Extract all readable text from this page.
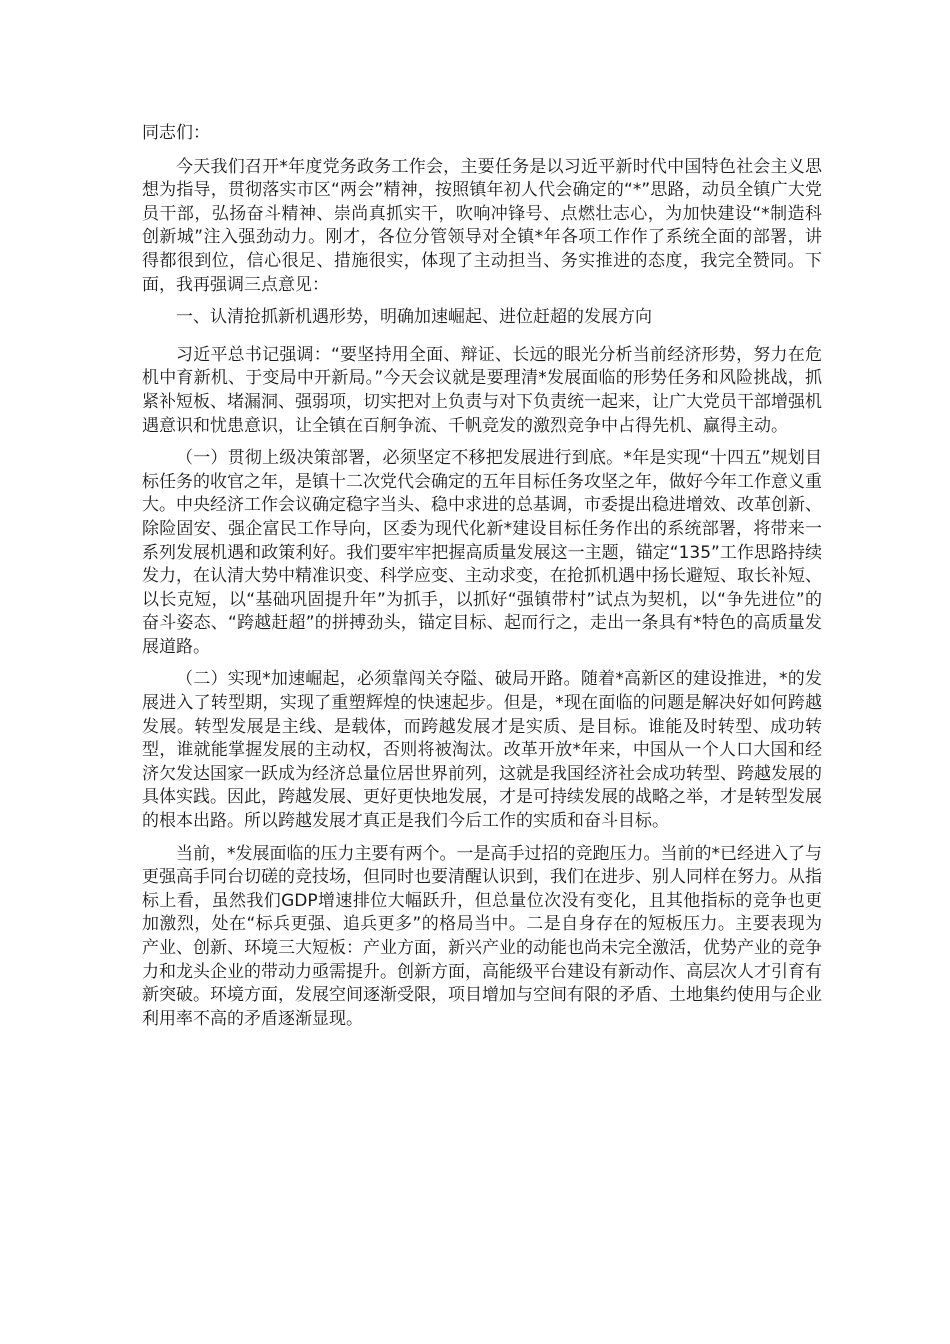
同志们：

今天我们召开*年度党务政务工作会，主要任务是以习近平新时代中国特色社会主义思想为指导，贯彻落实市区“两会”精神，按照镇年初人代会确定的“*”思路，动员全镇广大党员干部，弘扬奋斗精神、崇尚真抓实干，吹响冲锋号、点燃壮志心，为加快建设“*制造科创新城”注入强劲动力。刚才，各位分管领导对全镇*年各项工作作了系统全面的部署，讲得都很到位，信心很足、措施很实，体现了主动担当、务实推进的态度，我完全赞同。下面，我再强调三点意见：

一、认清抢抓新机遇形势，明确加速崛起、进位赶超的发展方向

习近平总书记强调：“要坚持用全面、辩证、长远的眼光分析当前经济形势，努力在危机中育新机、于变局中开新局。”今天会议就是要理清*发展面临的形势任务和风险挑战，抓紧补短板、堵漏洞、强弱项，切实把对上负责与对下负责统一起来，让广大党员干部增强机遇意识和忧患意识，让全镇在百舸争流、千帆竞发的激烈竞争中占得先机、赢得主动。

（一）贯彻上级决策部署，必须坚定不移把发展进行到底。*年是实现“十四五”规划目标任务的收官之年，是镇十二次党代会确定的五年目标任务攻坚之年，做好今年工作意义重大。中央经济工作会议确定稳字当头、稳中求进的总基调，市委提出稳进增效、改革创新、除险固安、强企富民工作导向，区委为现代化新*建设目标任务作出的系统部署，将带来一系列发展机遇和政策利好。我们要牢牢把握高质量发展这一主题，锚定“135”工作思路持续发力，在认清大势中精准识变、科学应变、主动求变，在抢抓机遇中扬长避短、取长补短、以长克短，以“基础巩固提升年”为抓手，以抓好“强镇带村”试点为契机，以“争先进位”的奋斗姿态、“跨越赶超”的拼搏劲头，锚定目标、起而行之，走出一条具有*特色的高质量发展道路。

（二）实现*加速崛起，必须靠闯关夺隘、破局开路。随着*高新区的建设推进，*的发展进入了转型期，实现了重塑辉煌的快速起步。但是，*现在面临的问题是解决好如何跨越发展。转型发展是主线、是载体，而跨越发展才是实质、是目标。谁能及时转型、成功转型，谁就能掌握发展的主动权，否则将被淘汰。改革开放*年来，中国从一个人口大国和经济欠发达国家一跃成为经济总量位居世界前列，这就是我国经济社会成功转型、跨越发展的具体实践。因此，跨越发展、更好更快地发展，才是可持续发展的战略之举，才是转型发展的根本出路。所以跨越发展才真正是我们今后工作的实质和奋斗目标。

当前，*发展面临的压力主要有两个。一是高手过招的竞跑压力。当前的*已经进入了与更强高手同台切磋的竞技场，但同时也要清醒认识到，我们在进步、别人同样在努力。从指标上看，虽然我们GDP增速排位大幅跃升，但总量位次没有变化，且其他指标的竞争也更加激烈，处在“标兵更强、追兵更多”的格局当中。二是自身存在的短板压力。主要表现为产业、创新、环境三大短板：产业方面，新兴产业的动能也尚未完全激活，优势产业的竞争力和龙头企业的带动力亟需提升。创新方面，高能级平台建设有新动作、高层次人才引育有新突破。环境方面，发展空间逐渐受限，项目增加与空间有限的矛盾、土地集约使用与企业利用率不高的矛盾逐渐显现。
